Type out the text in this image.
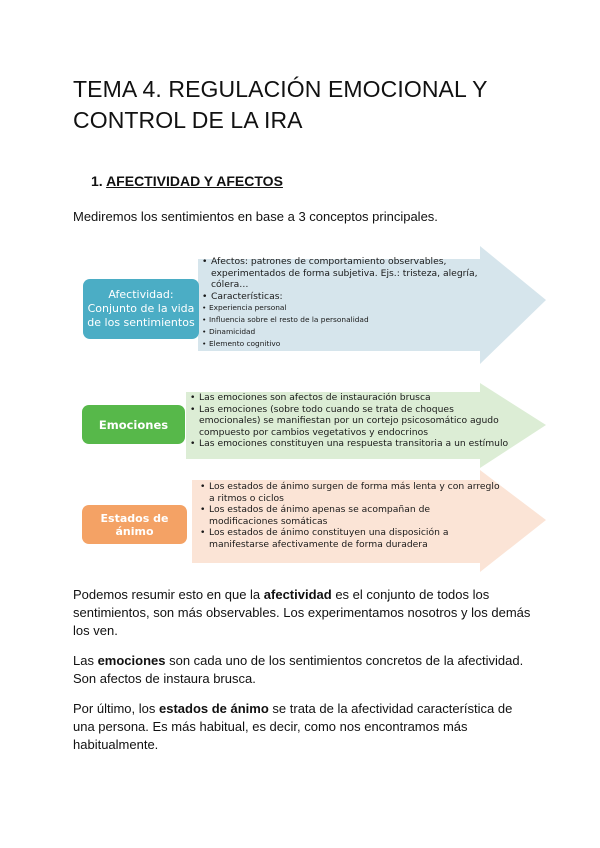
TEMA 4. REGULACIÓN EMOCIONAL Y CONTROL DE LA IRA
1. AFECTIVIDAD Y AFECTOS
Mediremos los sentimientos en base a 3 conceptos principales.
Afectividad:
Conjunto de la vida
de los sentimientos
Emociones
Estados de ánimo
• Afectos: patrones de comportamiento observables, experimentados de forma subjetiva. Ejs.: tristeza, alegría, cólera…
• Características:
• Experiencia personal
• Influencia sobre el resto de la personalidad
• Dinamicidad
• Elemento cognitivo
• Las emociones son afectos de instauración brusca
• Las emociones (sobre todo cuando se trata de choques emocionales) se manifiestan por un cortejo psicosomático agudo compuesto por cambios vegetativos y endocrinos
• Las emociones constituyen una respuesta transitoria a un estímulo
• Los estados de ánimo surgen de forma más lenta y con arreglo a ritmos o ciclos
• Los estados de ánimo apenas se acompañan de modificaciones somáticas
• Los estados de ánimo constituyen una disposición a manifestarse afectivamente de forma duradera

Podemos resumir esto en que la afectividad es el conjunto de todos los sentimientos, son más observables. Los experimentamos nosotros y los demás los ven.

Las emociones son cada uno de los sentimientos concretos de la afectividad. Son afectos de instaura brusca.

Por último, los estados de ánimo se trata de la afectividad característica de una persona. Es más habitual, es decir, como nos encontramos más habitualmente.
